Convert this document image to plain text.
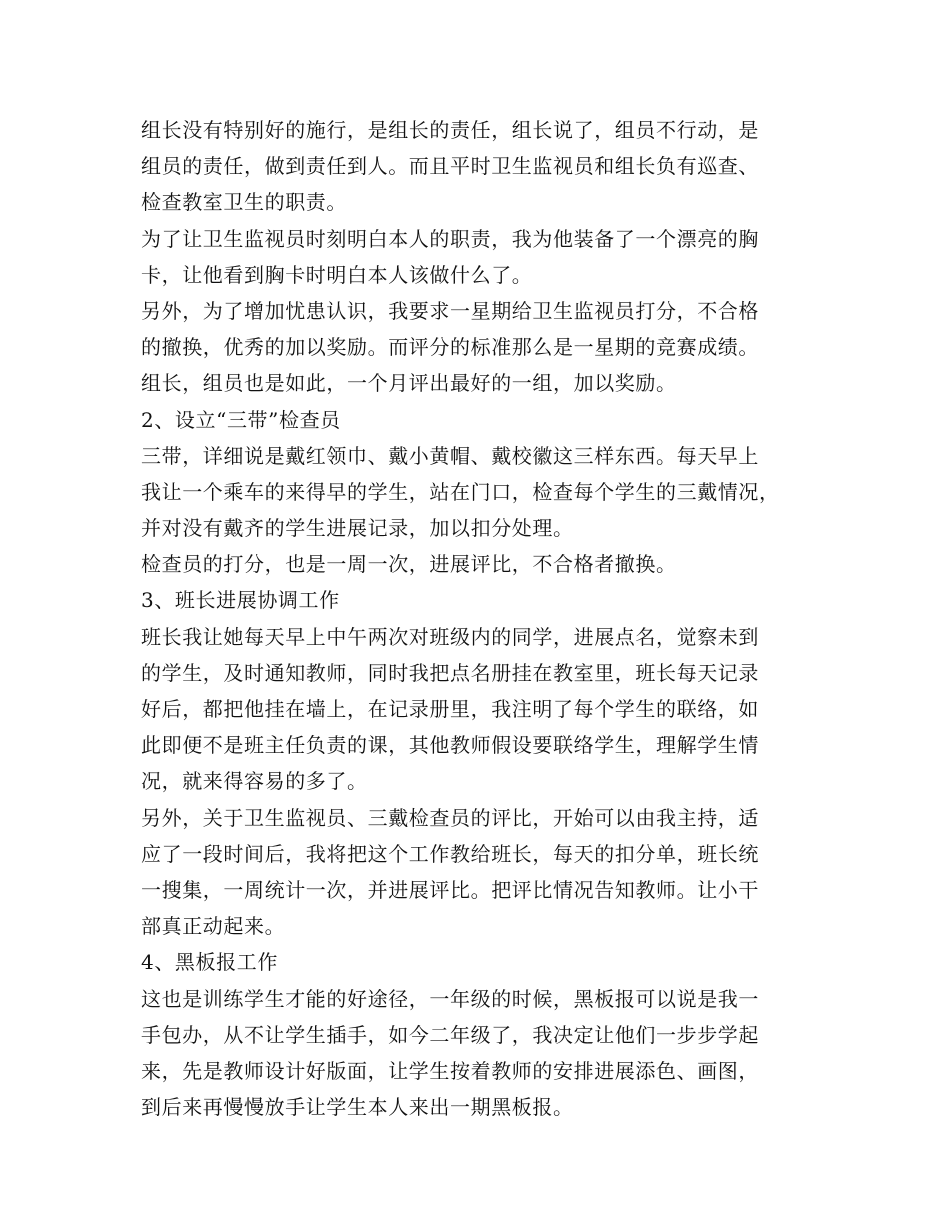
组长没有特别好的施行，是组长的责任，组长说了，组员不行动，是
组员的责任，做到责任到人。而且平时卫生监视员和组长负有巡查、
检查教室卫生的职责。
为了让卫生监视员时刻明白本人的职责，我为他装备了一个漂亮的胸
卡，让他看到胸卡时明白本人该做什么了。
另外，为了增加忧患认识，我要求一星期给卫生监视员打分，不合格
的撤换，优秀的加以奖励。而评分的标准那么是一星期的竞赛成绩。
组长，组员也是如此，一个月评出最好的一组，加以奖励。
2、设立“三带”检查员
三带，详细说是戴红领巾、戴小黄帽、戴校徽这三样东西。每天早上
我让一个乘车的来得早的学生，站在门口，检查每个学生的三戴情况，
并对没有戴齐的学生进展记录，加以扣分处理。
检查员的打分，也是一周一次，进展评比，不合格者撤换。
3、班长进展协调工作
班长我让她每天早上中午两次对班级内的同学，进展点名，觉察未到
的学生，及时通知教师，同时我把点名册挂在教室里，班长每天记录
好后，都把他挂在墙上，在记录册里，我注明了每个学生的联络，如
此即便不是班主任负责的课，其他教师假设要联络学生，理解学生情
况，就来得容易的多了。
另外，关于卫生监视员、三戴检查员的评比，开始可以由我主持，适
应了一段时间后，我将把这个工作教给班长，每天的扣分单，班长统
一搜集，一周统计一次，并进展评比。把评比情况告知教师。让小干
部真正动起来。
4、黑板报工作
这也是训练学生才能的好途径，一年级的时候，黑板报可以说是我一
手包办，从不让学生插手，如今二年级了，我决定让他们一步步学起
来，先是教师设计好版面，让学生按着教师的安排进展添色、画图，
到后来再慢慢放手让学生本人来出一期黑板报。
